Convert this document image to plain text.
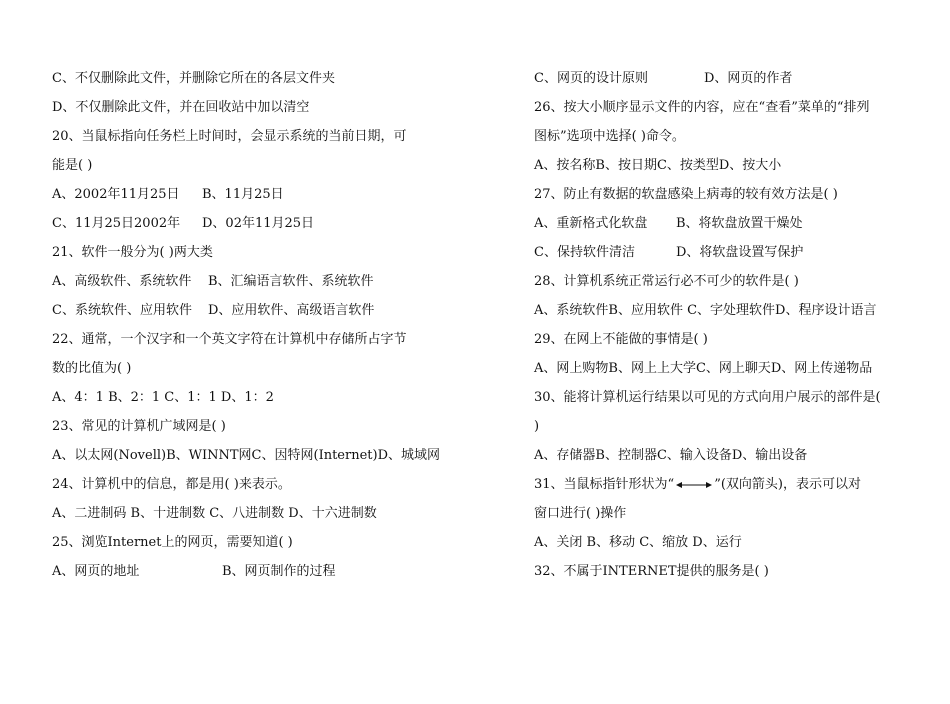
C、不仅删除此文件，并删除它所在的各层文件夹
D、不仅删除此文件，并在回收站中加以清空
20、当鼠标指向任务栏上时间时，会显示系统的当前日期，可
能是( )
A、2002年11月25日 B、11月25日
C、11月25日2002年 D、02年11月25日
21、软件一般分为( )两大类
A、高级软件、系统软件 B、汇编语言软件、系统软件
C、系统软件、应用软件 D、应用软件、高级语言软件
22、通常，一个汉字和一个英文字符在计算机中存储所占字节
数的比值为( )
A、4：1 B、2：1 C、1：1 D、1：2
23、常见的计算机广域网是( )
A、以太网(Novell)B、WINNT网C、因特网(Internet)D、城域网
24、计算机中的信息，都是用( )来表示。
A、二进制码 B、十进制数 C、八进制数 D、十六进制数
25、浏览Internet上的网页，需要知道( )
A、网页的地址	B、网页制作的过程
C、网页的设计原则	D、网页的作者
26、按大小顺序显示文件的内容，应在“查看”菜单的“排列
图标”选项中选择( )命令。
A、按名称B、按日期C、按类型D、按大小
27、防止有数据的软盘感染上病毒的较有效方法是( )
A、重新格式化软盘 B、将软盘放置干燥处
C、保持软件清洁	D、将软盘设置写保护
28、计算机系统正常运行必不可少的软件是( )
A、系统软件B、应用软件 C、字处理软件D、程序设计语言
29、在网上不能做的事情是( )
A、网上购物B、网上上大学C、网上聊天D、网上传递物品
30、能将计算机运行结果以可见的方式向用户展示的部件是(
)
A、存储器B、控制器C、输入设备D、输出设备
31、当鼠标指针形状为“	”(双向箭头)，表示可以对
窗口进行( )操作
A、关闭 B、移动 C、缩放 D、运行
32、不属于INTERNET提供的服务是( )
